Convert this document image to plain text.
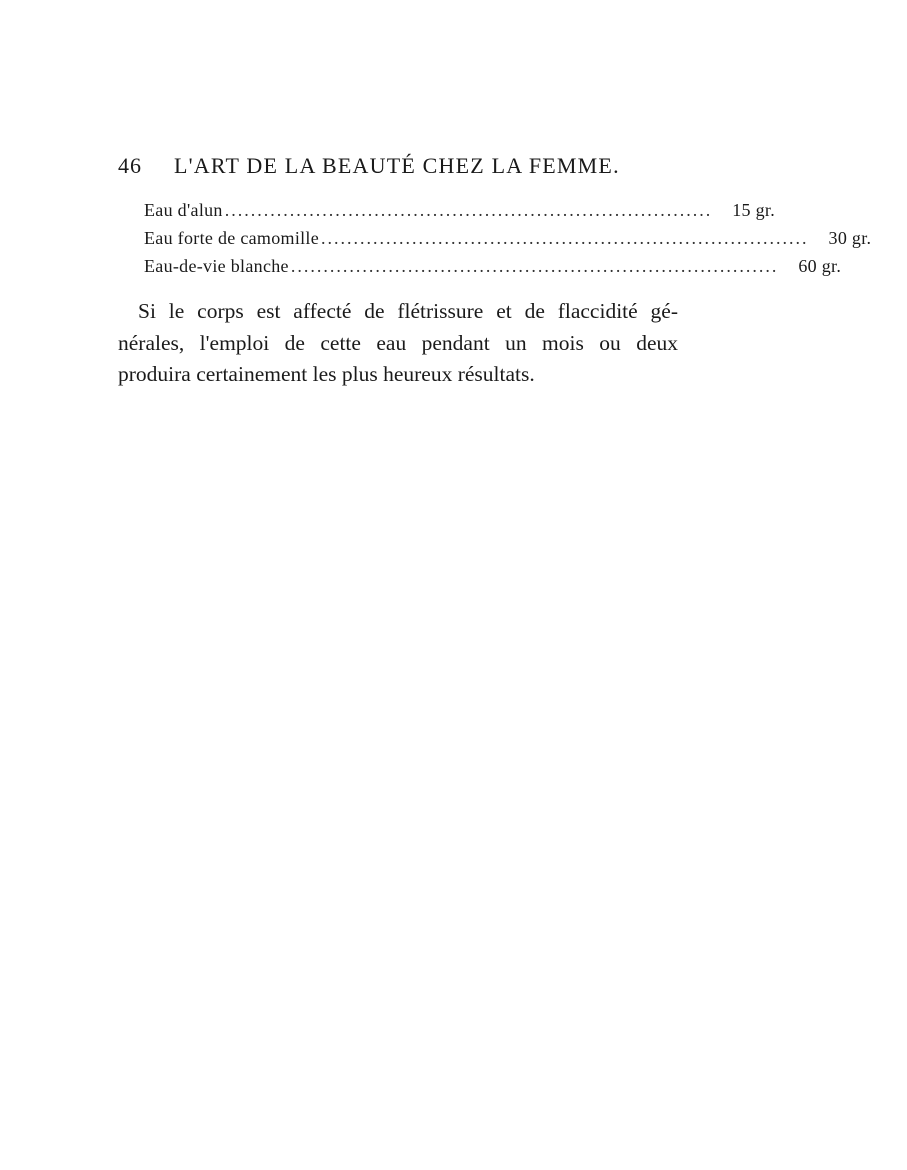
46 L'ART DE LA BEAUTÉ CHEZ LA FEMME.
Eau d'alun ...........................................................................	15 gr.
Eau forte de camomille ...........................................................................	30 gr.
Eau-de-vie blanche ...........................................................................	60 gr.
Si le corps est affecté de flétrissure et de flaccidité gé-
nérales, l'emploi de cette eau pendant un mois ou deux
produira certainement les plus heureux résultats.
